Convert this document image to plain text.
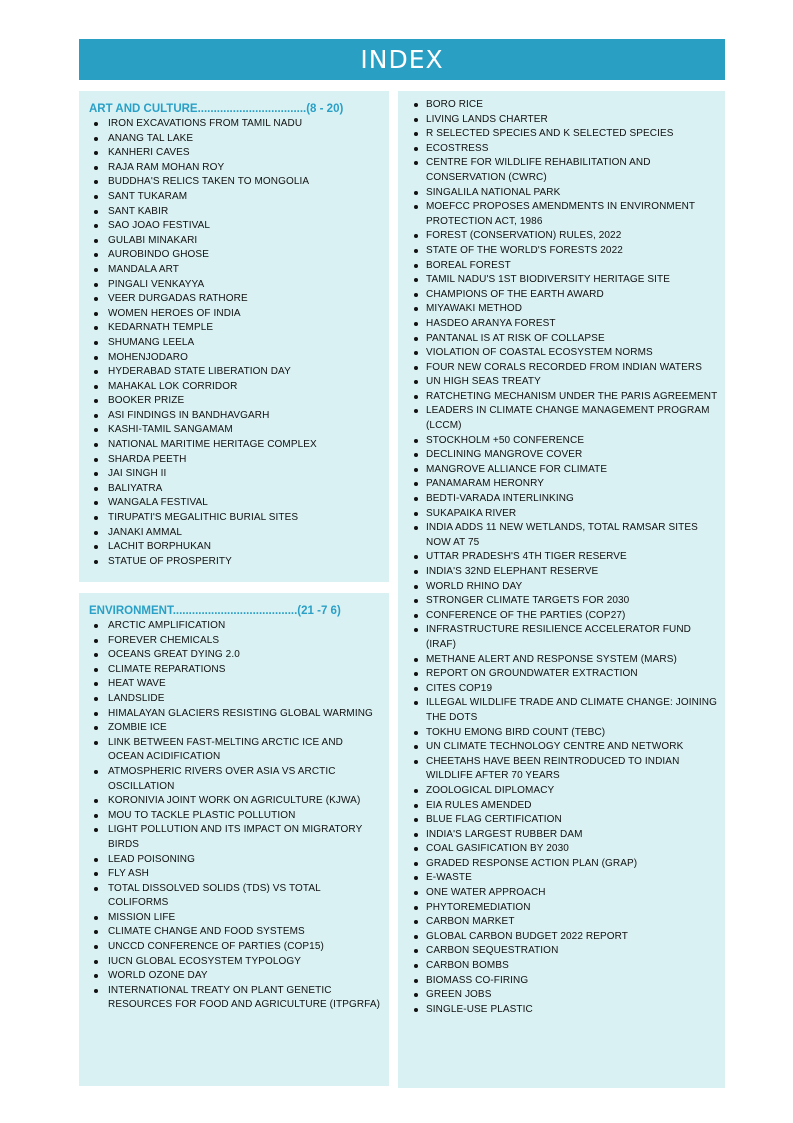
INDEX
ART AND CULTURE..................................(8 - 20)
IRON EXCAVATIONS FROM TAMIL NADU
ANANG TAL LAKE
KANHERI CAVES
RAJA RAM MOHAN ROY
BUDDHA'S RELICS TAKEN TO MONGOLIA
SANT TUKARAM
SANT KABIR
SAO JOAO FESTIVAL
GULABI MINAKARI
AUROBINDO GHOSE
MANDALA ART
PINGALI VENKAYYA
VEER DURGADAS RATHORE
WOMEN HEROES OF INDIA
KEDARNATH TEMPLE
SHUMANG LEELA
MOHENJODARO
HYDERABAD STATE LIBERATION DAY
MAHAKAL LOK CORRIDOR
BOOKER PRIZE
ASI FINDINGS IN BANDHAVGARH
KASHI-TAMIL SANGAMAM
NATIONAL MARITIME HERITAGE COMPLEX
SHARDA PEETH
JAI SINGH II
BALIYATRA
WANGALA FESTIVAL
TIRUPATI'S MEGALITHIC BURIAL SITES
JANAKI AMMAL
LACHIT BORPHUKAN
STATUE OF PROSPERITY
ENVIRONMENT.......................................(21 -7 6)
ARCTIC AMPLIFICATION
FOREVER CHEMICALS
OCEANS GREAT DYING 2.0
CLIMATE REPARATIONS
HEAT WAVE
LANDSLIDE
HIMALAYAN GLACIERS RESISTING GLOBAL WARMING
ZOMBIE ICE
LINK BETWEEN FAST-MELTING ARCTIC ICE AND OCEAN ACIDIFICATION
ATMOSPHERIC RIVERS OVER ASIA VS ARCTIC OSCILLATION
KORONIVIA JOINT WORK ON AGRICULTURE (KJWA)
MOU TO TACKLE PLASTIC POLLUTION
LIGHT POLLUTION AND ITS IMPACT ON MIGRATORY BIRDS
LEAD POISONING
FLY ASH
TOTAL DISSOLVED SOLIDS (TDS) VS TOTAL COLIFORMS
MISSION LIFE
CLIMATE CHANGE AND FOOD SYSTEMS
UNCCD CONFERENCE OF PARTIES (COP15)
IUCN GLOBAL ECOSYSTEM TYPOLOGY
WORLD OZONE DAY
INTERNATIONAL TREATY ON PLANT GENETIC RESOURCES FOR FOOD AND AGRICULTURE (ITPGRFA)
BORO RICE
LIVING LANDS CHARTER
R SELECTED SPECIES AND K SELECTED SPECIES
ECOSTRESS
CENTRE FOR WILDLIFE REHABILITATION AND CONSERVATION (CWRC)
SINGALILA NATIONAL PARK
MOEFCC PROPOSES AMENDMENTS IN ENVIRONMENT PROTECTION ACT, 1986
FOREST (CONSERVATION) RULES, 2022
STATE OF THE WORLD'S FORESTS 2022
BOREAL FOREST
TAMIL NADU'S 1ST BIODIVERSITY HERITAGE SITE
CHAMPIONS OF THE EARTH AWARD
MIYAWAKI METHOD
HASDEO ARANYA FOREST
PANTANAL IS AT RISK OF COLLAPSE
VIOLATION OF COASTAL ECOSYSTEM NORMS
FOUR NEW CORALS RECORDED FROM INDIAN WATERS
UN HIGH SEAS TREATY
RATCHETING MECHANISM UNDER THE PARIS AGREEMENT
LEADERS IN CLIMATE CHANGE MANAGEMENT PROGRAM (LCCM)
STOCKHOLM +50 CONFERENCE
DECLINING MANGROVE COVER
MANGROVE ALLIANCE FOR CLIMATE
PANAMARAM HERONRY
BEDTI-VARADA INTERLINKING
SUKAPAIKA RIVER
INDIA ADDS 11 NEW WETLANDS, TOTAL RAMSAR SITES NOW AT 75
UTTAR PRADESH'S 4TH TIGER RESERVE
INDIA'S 32ND ELEPHANT RESERVE
WORLD RHINO DAY
STRONGER CLIMATE TARGETS FOR 2030
CONFERENCE OF THE PARTIES (COP27)
INFRASTRUCTURE RESILIENCE ACCELERATOR FUND (IRAF)
METHANE ALERT AND RESPONSE SYSTEM (MARS)
REPORT ON GROUNDWATER EXTRACTION
CITES COP19
ILLEGAL WILDLIFE TRADE AND CLIMATE CHANGE: JOINING THE DOTS
TOKHU EMONG BIRD COUNT (TEBC)
UN CLIMATE TECHNOLOGY CENTRE AND NETWORK
CHEETAHS HAVE BEEN REINTRODUCED TO INDIAN WILDLIFE AFTER 70 YEARS
ZOOLOGICAL DIPLOMACY
EIA RULES AMENDED
BLUE FLAG CERTIFICATION
INDIA'S LARGEST RUBBER DAM
COAL GASIFICATION BY 2030
GRADED RESPONSE ACTION PLAN (GRAP)
E-WASTE
ONE WATER APPROACH
PHYTOREMEDIATION
CARBON MARKET
GLOBAL CARBON BUDGET 2022 REPORT
CARBON SEQUESTRATION
CARBON BOMBS
BIOMASS CO-FIRING
GREEN JOBS
SINGLE-USE PLASTIC
